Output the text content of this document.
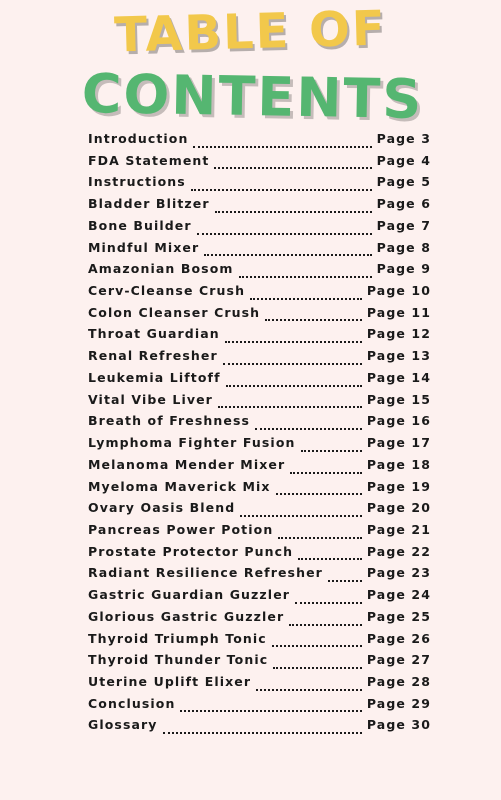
TABLE OF
CONTENTS
Introduction	Page 3
FDA Statement	Page 4
Instructions	Page 5
Bladder Blitzer	Page 6
Bone Builder	Page 7
Mindful Mixer	Page 8
Amazonian Bosom	Page 9
Cerv-Cleanse Crush	Page 10
Colon Cleanser Crush	Page 11
Throat Guardian	Page 12
Renal Refresher	Page 13
Leukemia Liftoff	Page 14
Vital Vibe Liver	Page 15
Breath of Freshness	Page 16
Lymphoma Fighter Fusion	Page 17
Melanoma Mender Mixer	Page 18
Myeloma Maverick Mix	Page 19
Ovary Oasis Blend	Page 20
Pancreas Power Potion	Page 21
Prostate Protector Punch	Page 22
Radiant Resilience Refresher	Page 23
Gastric Guardian Guzzler	Page 24
Glorious Gastric Guzzler	Page 25
Thyroid Triumph Tonic	Page 26
Thyroid Thunder Tonic	Page 27
Uterine Uplift Elixer	Page 28
Conclusion	Page 29
Glossary	Page 30
